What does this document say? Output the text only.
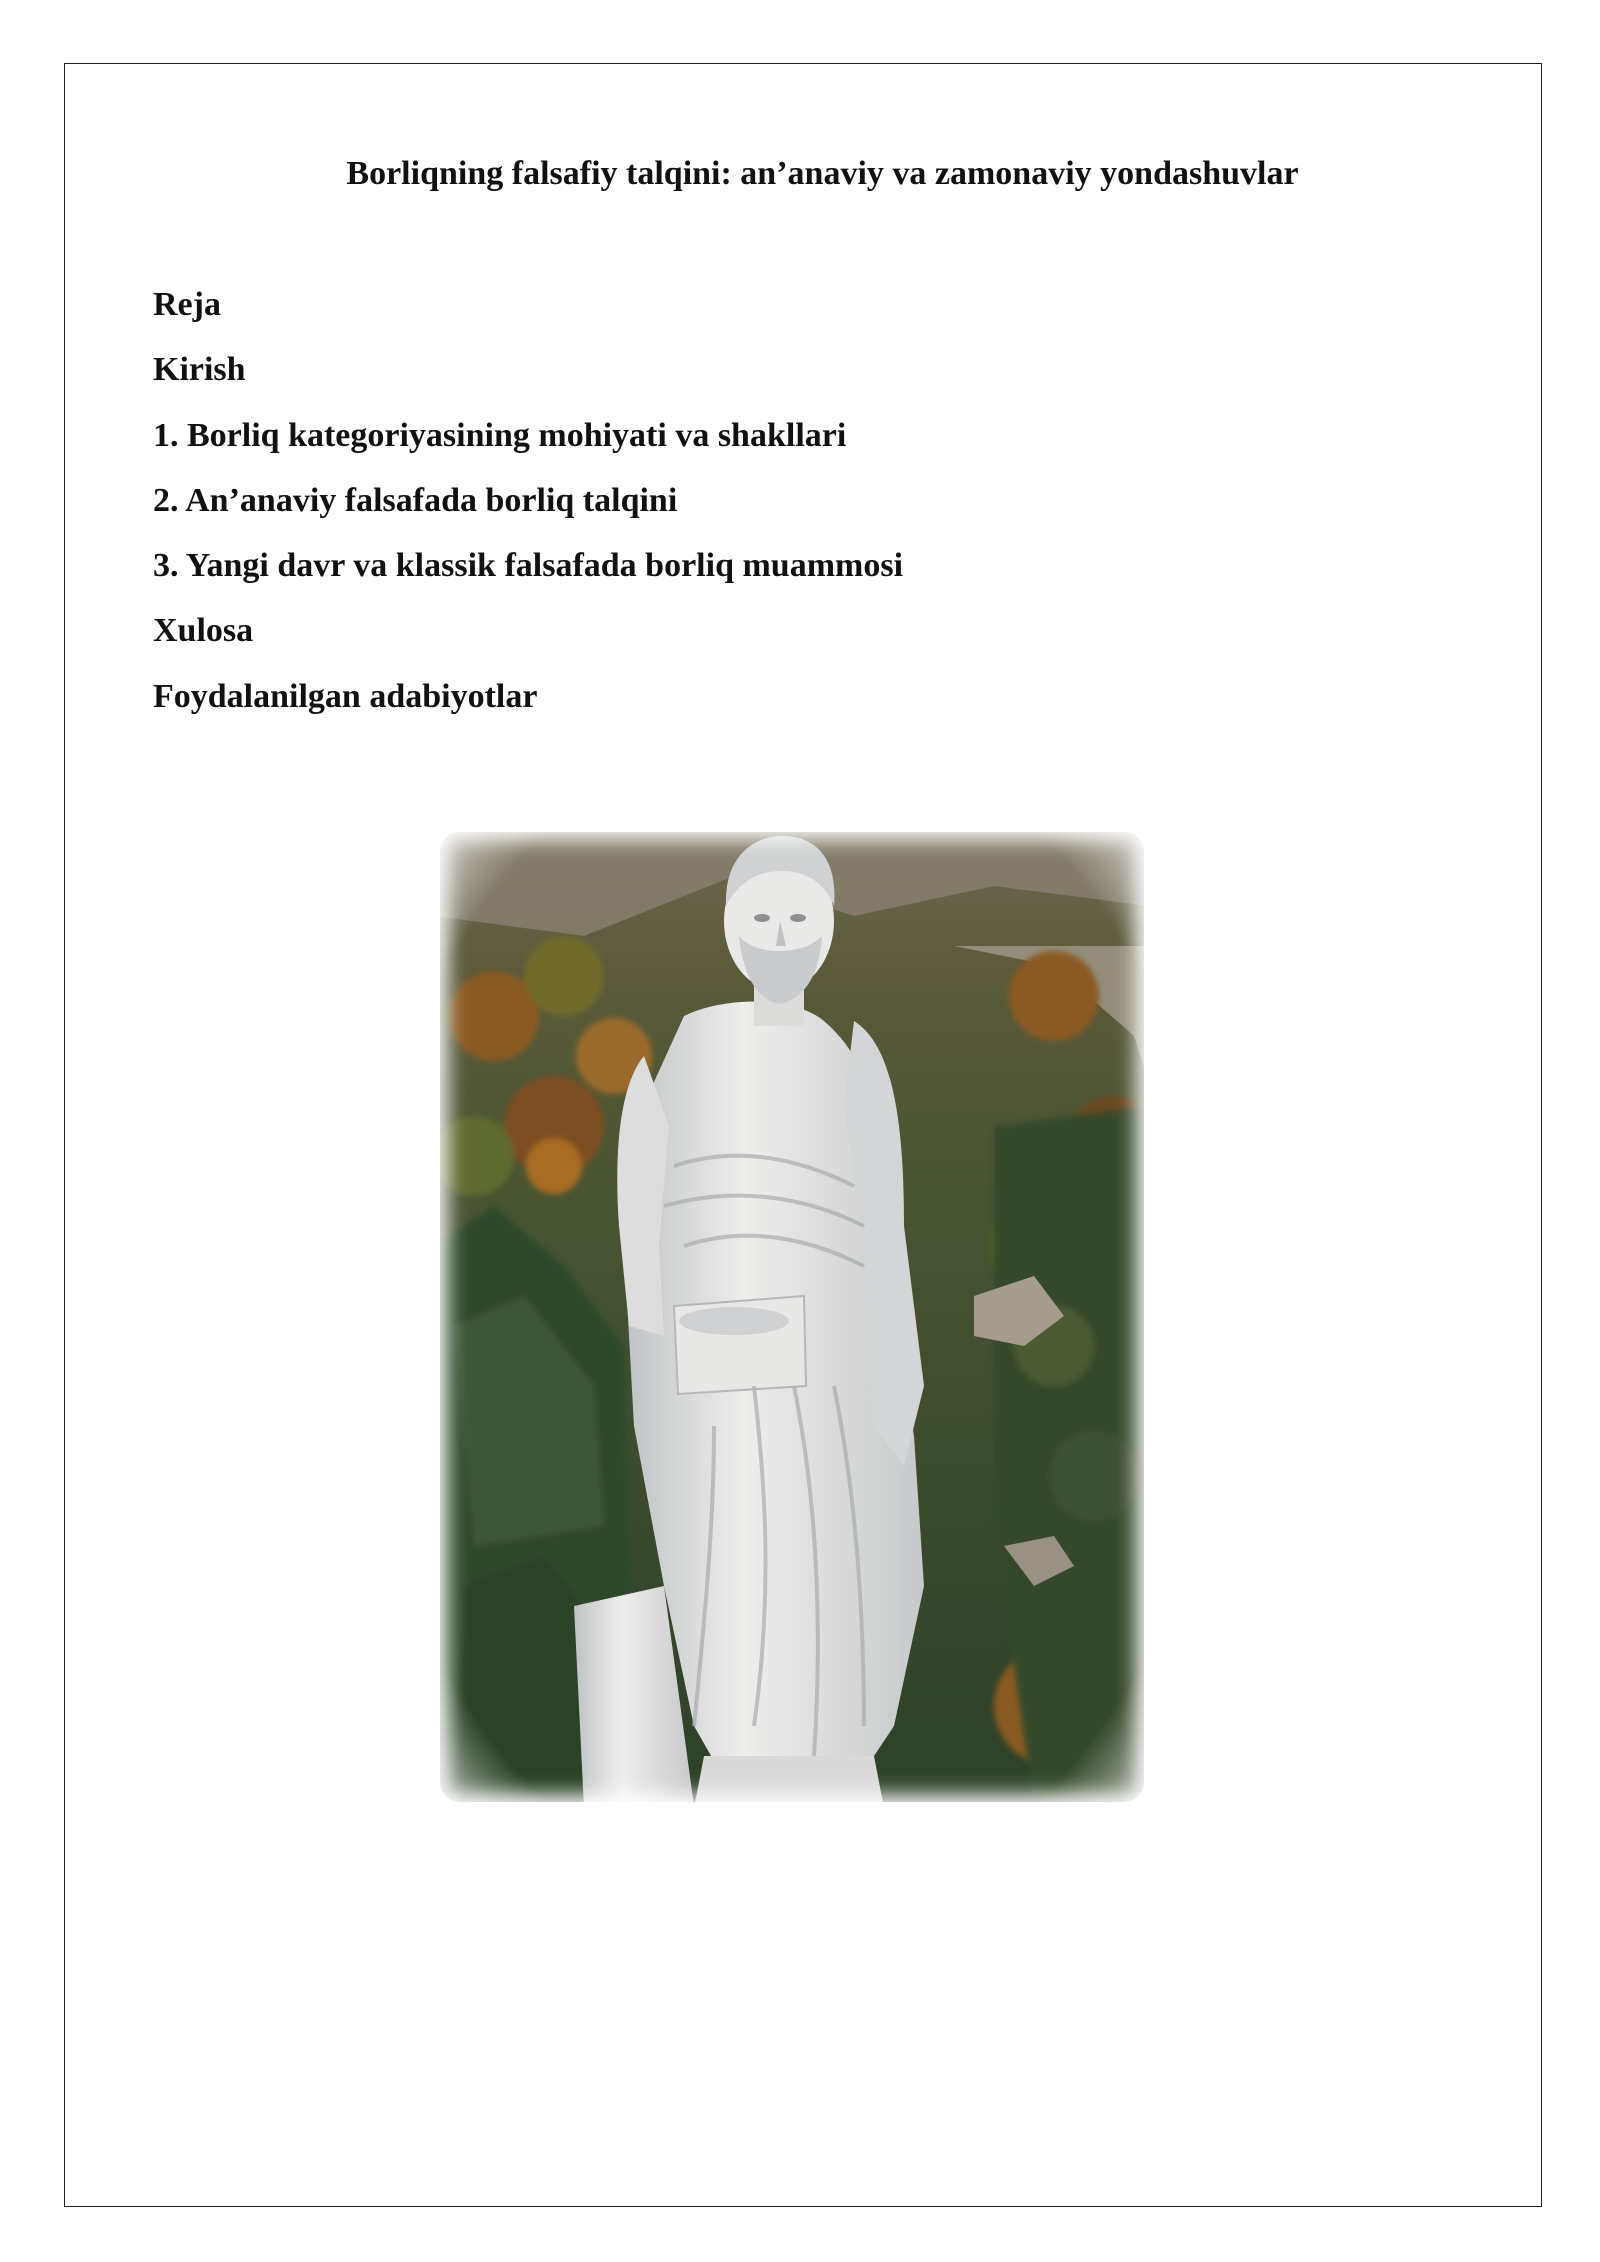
Borliqning falsafiy talqini: an’anaviy va zamonaviy yondashuvlar
Reja
Kirish
1. Borliq kategoriyasining mohiyati va shakllari
2. An’anaviy falsafada borliq talqini
3. Yangi davr va klassik falsafada borliq muammosi
Xulosa
Foydalanilgan adabiyotlar
